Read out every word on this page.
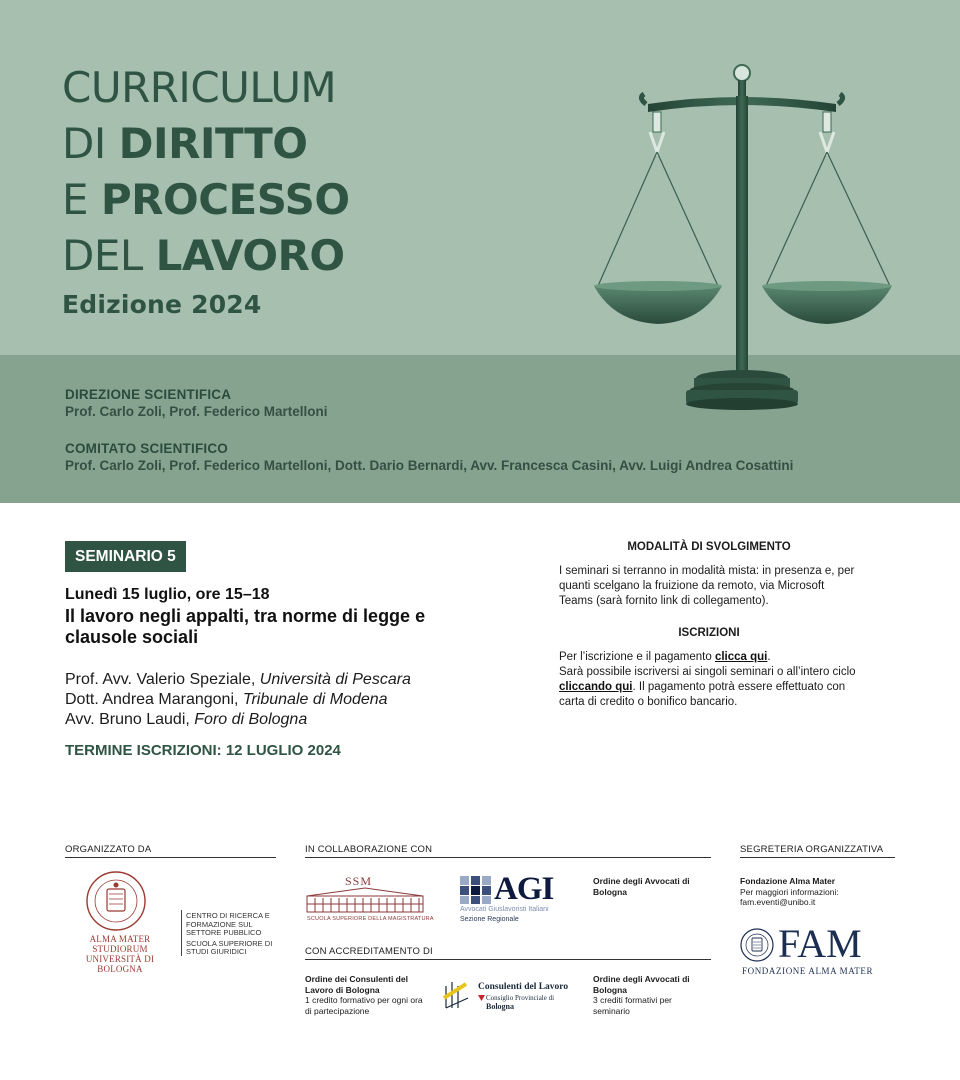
CURRICULUM
DI DIRITTO
E PROCESSO
DEL LAVORO
Edizione 2024
DIREZIONE SCIENTIFICA
Prof. Carlo Zoli, Prof. Federico Martelloni
COMITATO SCIENTIFICO
Prof. Carlo Zoli, Prof. Federico Martelloni, Dott. Dario Bernardi, Avv. Francesca Casini, Avv. Luigi Andrea Cosattini
SEMINARIO 5
Lunedì 15 luglio, ore 15–18
Il lavoro negli appalti, tra norme di legge e clausole sociali
Prof. Avv. Valerio Speziale, Università di Pescara
Dott. Andrea Marangoni, Tribunale di Modena
Avv. Bruno Laudi, Foro di Bologna
TERMINE ISCRIZIONI: 12 LUGLIO 2024
MODALITÀ DI SVOLGIMENTO
I seminari si terranno in modalità mista: in presenza e, per quanti scelgano la fruizione da remoto, via Microsoft Teams (sarà fornito link di collegamento).
ISCRIZIONI
Per l’iscrizione e il pagamento clicca qui.
Sarà possibile iscriversi ai singoli seminari o all’intero ciclo cliccando qui. Il pagamento potrà essere effettuato con carta di credito o bonifico bancario.
ORGANIZZATO DA	IN COLLABORAZIONE CON	SEGRETERIA ORGANIZZATIVA
CON ACCREDITAMENTO DI
ALMA MATER STUDIORUM
UNIVERSITÀ DI BOLOGNA
CENTRO DI RICERCA E FORMAZIONE SUL SETTORE PUBBLICO
SCUOLA SUPERIORE DI STUDI GIURIDICI
SSM
SCUOLA SUPERIORE DELLA MAGISTRATURA
AGI
Avvocati Giuslavoristi Italiani
Sezione Regionale
Ordine degli Avvocati di Bologna
Ordine dei Consulenti del Lavoro di Bologna
1 credito formativo per ogni ora di partecipazione
Consulenti del Lavoro
Consiglio Provinciale di
Bologna
Ordine degli Avvocati di Bologna
3 crediti formativi per seminario
Fondazione Alma Mater
Per maggiori informazioni:
fam.eventi@unibo.it
FAM
FONDAZIONE ALMA MATER
